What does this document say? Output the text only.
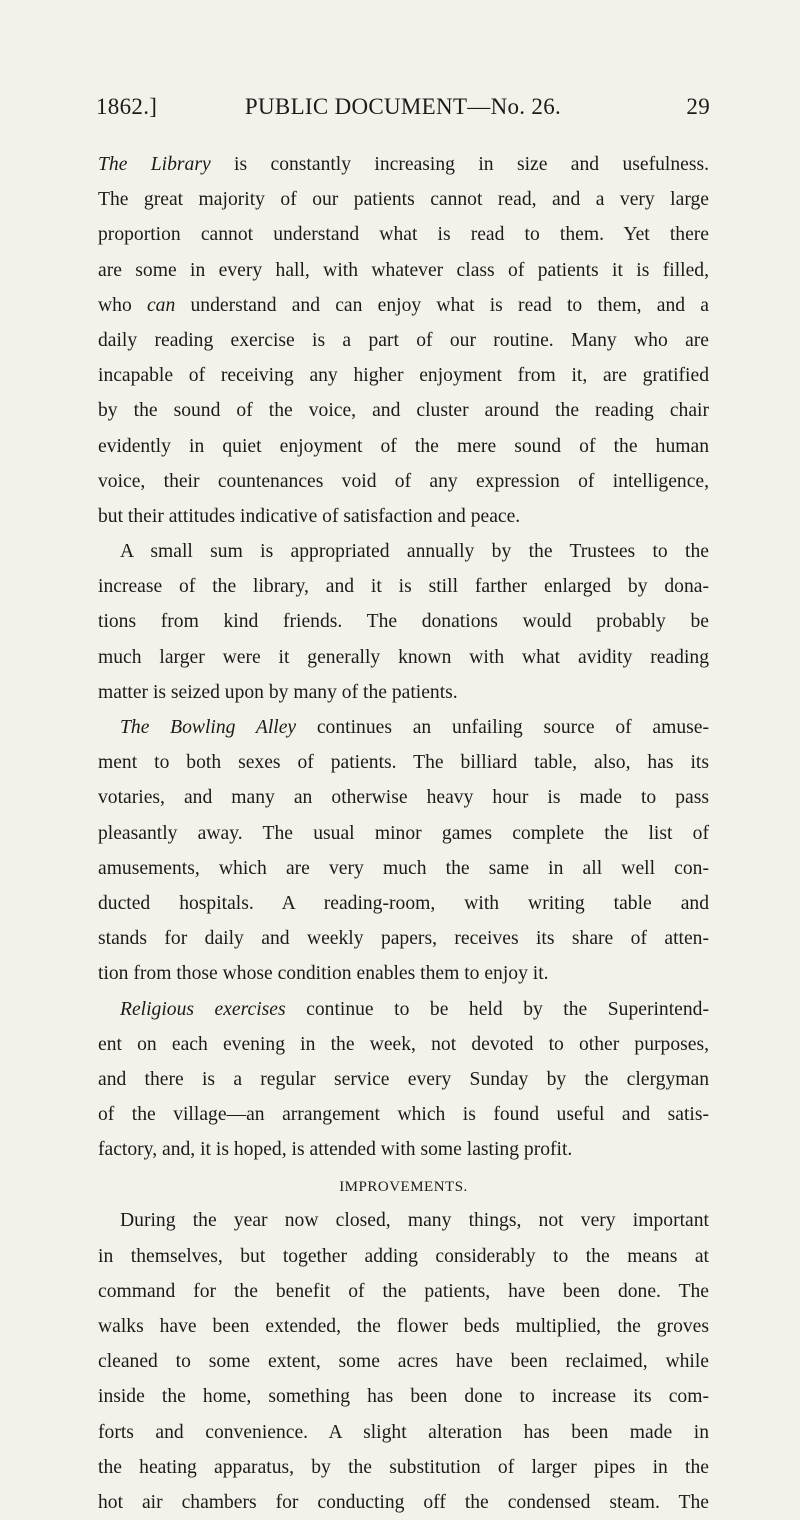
1862.]	PUBLIC DOCUMENT—No. 26.	29
The Library is constantly increasing in size and usefulness.
The great majority of our patients cannot read, and a very large
proportion cannot understand what is read to them. Yet there
are some in every hall, with whatever class of patients it is filled,
who can understand and can enjoy what is read to them, and a
daily reading exercise is a part of our routine. Many who are
incapable of receiving any higher enjoyment from it, are gratified
by the sound of the voice, and cluster around the reading chair
evidently in quiet enjoyment of the mere sound of the human
voice, their countenances void of any expression of intelligence,
but their attitudes indicative of satisfaction and peace.
A small sum is appropriated annually by the Trustees to the
increase of the library, and it is still farther enlarged by dona-
tions from kind friends. The donations would probably be
much larger were it generally known with what avidity reading
matter is seized upon by many of the patients.
The Bowling Alley continues an unfailing source of amuse-
ment to both sexes of patients. The billiard table, also, has its
votaries, and many an otherwise heavy hour is made to pass
pleasantly away. The usual minor games complete the list of
amusements, which are very much the same in all well con-
ducted hospitals. A reading-room, with writing table and
stands for daily and weekly papers, receives its share of atten-
tion from those whose condition enables them to enjoy it.
Religious exercises continue to be held by the Superintend-
ent on each evening in the week, not devoted to other purposes,
and there is a regular service every Sunday by the clergyman
of the village—an arrangement which is found useful and satis-
factory, and, it is hoped, is attended with some lasting profit.
IMPROVEMENTS.
During the year now closed, many things, not very important
in themselves, but together adding considerably to the means at
command for the benefit of the patients, have been done. The
walks have been extended, the flower beds multiplied, the groves
cleaned to some extent, some acres have been reclaimed, while
inside the home, something has been done to increase its com-
forts and convenience. A slight alteration has been made in
the heating apparatus, by the substitution of larger pipes in the
hot air chambers for conducting off the condensed steam. The
